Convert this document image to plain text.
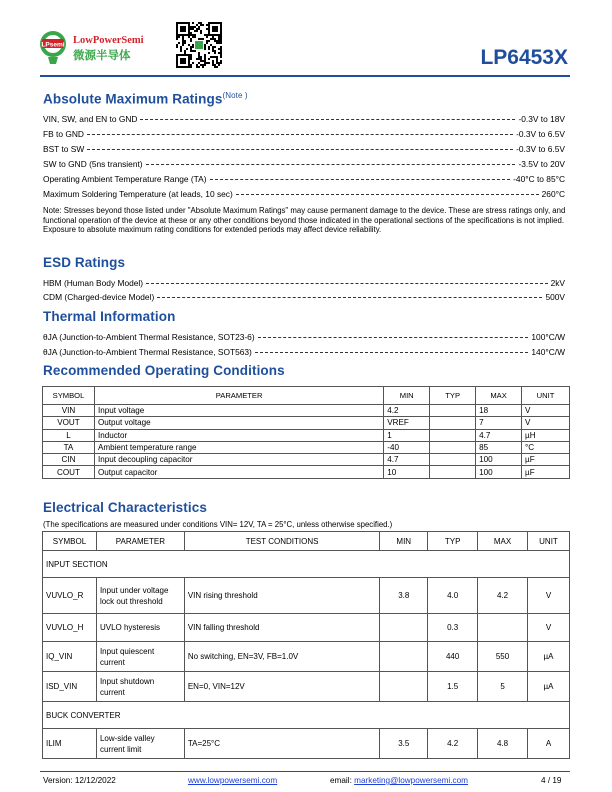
LPsemi LowPowerSemi
微源半导体	LP6453X
Absolute Maximum Ratings$^{(Note )}$
VIN, SW, and EN to GND	-0.3V to 18V
FB to GND	-0.3V to 6.5V
BST to SW	-0.3V to 6.5V
SW to GND (5ns transient)	-3.5V to 20V
Operating Ambient Temperature Range (TA)	-40°C to 85°C
Maximum Soldering Temperature (at leads, 10 sec)	260°C
Note: Stresses beyond those listed under "Absolute Maximum Ratings" may cause permanent damage to the device. These are stress ratings only, and functional operation of the device at these or any other conditions beyond those indicated in the operational sections of the specifications is not implied. Exposure to absolute maximum rating conditions for extended periods may affect device reliability.
ESD Ratings
HBM (Human Body Model)	2kV
CDM (Charged-device Model)	500V
Thermal Information
θJA (Junction-to-Ambient Thermal Resistance, SOT23-6)	100°C/W
θJA (Junction-to-Ambient Thermal Resistance, SOT563)	140°C/W
Recommended Operating Conditions
SYMBOL	PARAMETER	MIN	TYP	MAX	UNIT
VIN	Input voltage	4.2		18	V
VOUT	Output voltage	VREF		7	V
L	Inductor	1		4.7	µH
TA	Ambient temperature range	-40		85	°C
CIN	Input decoupling capacitor	4.7		100	µF
COUT	Output capacitor	10		100	µF
Electrical Characteristics
(The specifications are measured under conditions VIN= 12V, TA = 25°C, unless otherwise specified.)
SYMBOL	PARAMETER	TEST CONDITIONS	MIN	TYP	MAX	UNIT
INPUT SECTION						
VUVLO_R	Input under voltage lock out threshold	VIN rising threshold	3.8	4.0	4.2	V
VUVLO_H	UVLO hysteresis	VIN falling threshold		0.3		V
IQ_VIN	Input quiescent current	No switching, EN=3V, FB=1.0V		440	550	µA
ISD_VIN	Input shutdown current	EN=0, VIN=12V		1.5	5	µA
BUCK CONVERTER						
ILIM	Low-side valley current limit	TA=25°C	3.5	4.2	4.8	A
Version: 12/12/2022	www.lowpowersemi.com	email: marketing@lowpowersemi.com	4 / 19
